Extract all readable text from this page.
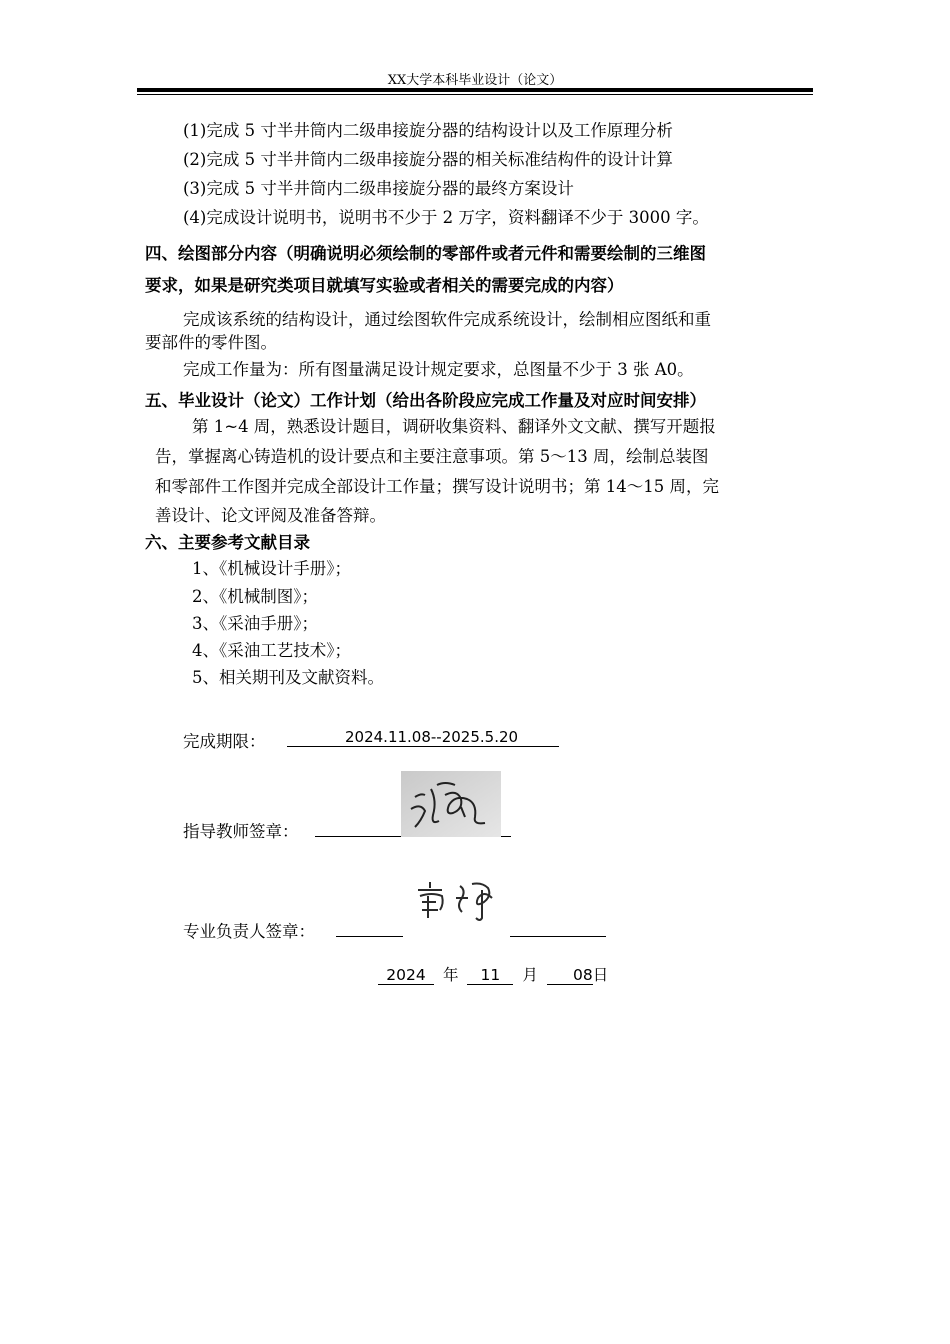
XX大学本科毕业设计（论文）
(1)完成 5 寸半井筒内二级串接旋分器的结构设计以及工作原理分析
(2)完成 5 寸半井筒内二级串接旋分器的相关标准结构件的设计计算
(3)完成 5 寸半井筒内二级串接旋分器的最终方案设计
(4)完成设计说明书，说明书不少于 2 万字，资料翻译不少于 3000 字。
四、绘图部分内容（明确说明必须绘制的零部件或者元件和需要绘制的三维图
要求，如果是研究类项目就填写实验或者相关的需要完成的内容）
完成该系统的结构设计，通过绘图软件完成系统设计，绘制相应图纸和重
要部件的零件图。
完成工作量为：所有图量满足设计规定要求，总图量不少于 3 张 A0。
五、毕业设计（论文）工作计划（给出各阶段应完成工作量及对应时间安排）
第 1~4 周，熟悉设计题目，调研收集资料、翻译外文文献、撰写开题报
告，掌握离心铸造机的设计要点和主要注意事项。第 5～13 周，绘制总装图
和零部件工作图并完成全部设计工作量；撰写设计说明书；第 14～15 周，完
善设计、论文评阅及准备答辩。
六、主要参考文献目录
1、《机械设计手册》；
2、《机械制图》；
3、《采油手册》；
4、《采油工艺技术》；
5、相关期刊及文献资料。
完成期限：	2024.11.08--2025.5.20
指导教师签章：
专业负责人签章：
2024 年 11 月 08日
